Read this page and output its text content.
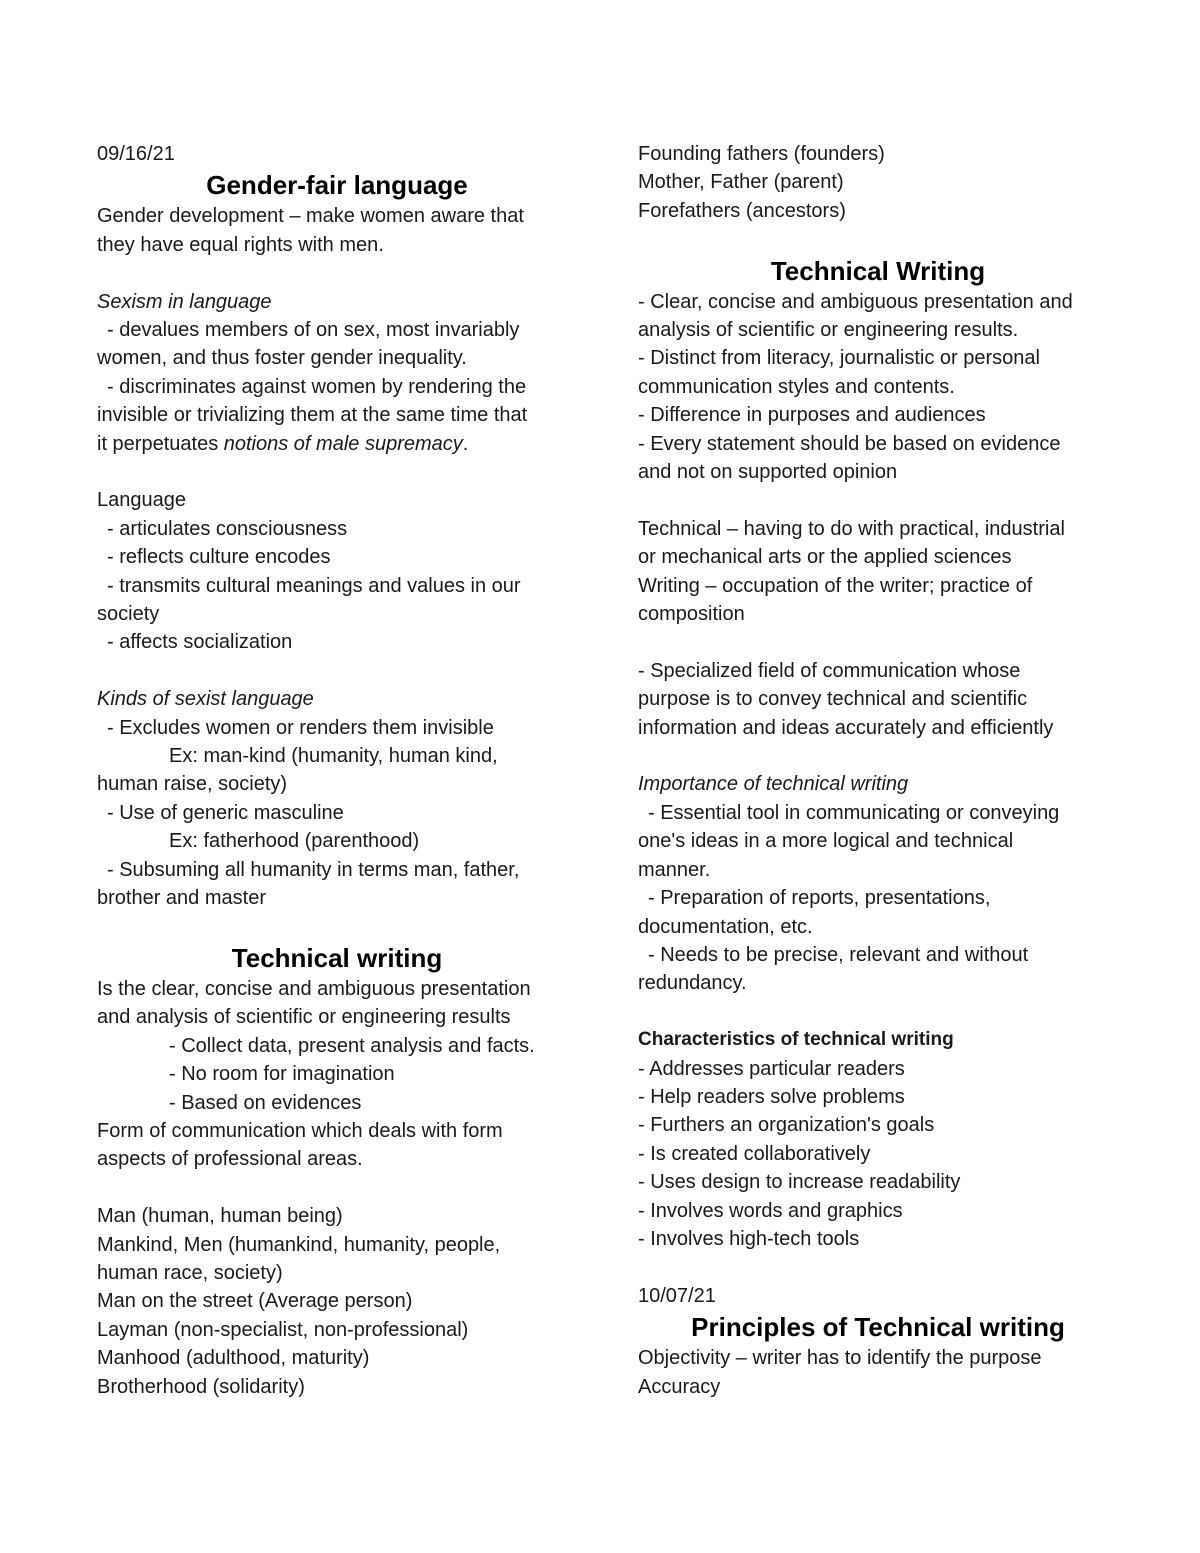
09/16/21
Gender-fair language
Gender development – make women aware that
they have equal rights with men.
Sexism in language
- devalues members of on sex, most invariably
women, and thus foster gender inequality.
- discriminates against women by rendering the
invisible or trivializing them at the same time that
it perpetuates notions of male supremacy.
Language
- articulates consciousness
- reflects culture encodes
- transmits cultural meanings and values in our
society
- affects socialization
Kinds of sexist language
- Excludes women or renders them invisible
Ex: man-kind (humanity, human kind,
human raise, society)
- Use of generic masculine
Ex: fatherhood (parenthood)
- Subsuming all humanity in terms man, father,
brother and master
Technical writing
Is the clear, concise and ambiguous presentation
and analysis of scientific or engineering results
- Collect data, present analysis and facts.
- No room for imagination
- Based on evidences
Form of communication which deals with form
aspects of professional areas.
Man (human, human being)
Mankind, Men (humankind, humanity, people,
human race, society)
Man on the street (Average person)
Layman (non-specialist, non-professional)
Manhood (adulthood, maturity)
Brotherhood (solidarity)
Founding fathers (founders)
Mother, Father (parent)
Forefathers (ancestors)
Technical Writing
- Clear, concise and ambiguous presentation and
analysis of scientific or engineering results.
- Distinct from literacy, journalistic or personal
communication styles and contents.
- Difference in purposes and audiences
- Every statement should be based on evidence
and not on supported opinion
Technical – having to do with practical, industrial
or mechanical arts or the applied sciences
Writing – occupation of the writer; practice of
composition
- Specialized field of communication whose
purpose is to convey technical and scientific
information and ideas accurately and efficiently
Importance of technical writing
- Essential tool in communicating or conveying
one's ideas in a more logical and technical
manner.
- Preparation of reports, presentations,
documentation, etc.
- Needs to be precise, relevant and without
redundancy.
Characteristics of technical writing
- Addresses particular readers
- Help readers solve problems
- Furthers an organization's goals
- Is created collaboratively
- Uses design to increase readability
- Involves words and graphics
- Involves high-tech tools
10/07/21
Principles of Technical writing
Objectivity – writer has to identify the purpose
Accuracy
